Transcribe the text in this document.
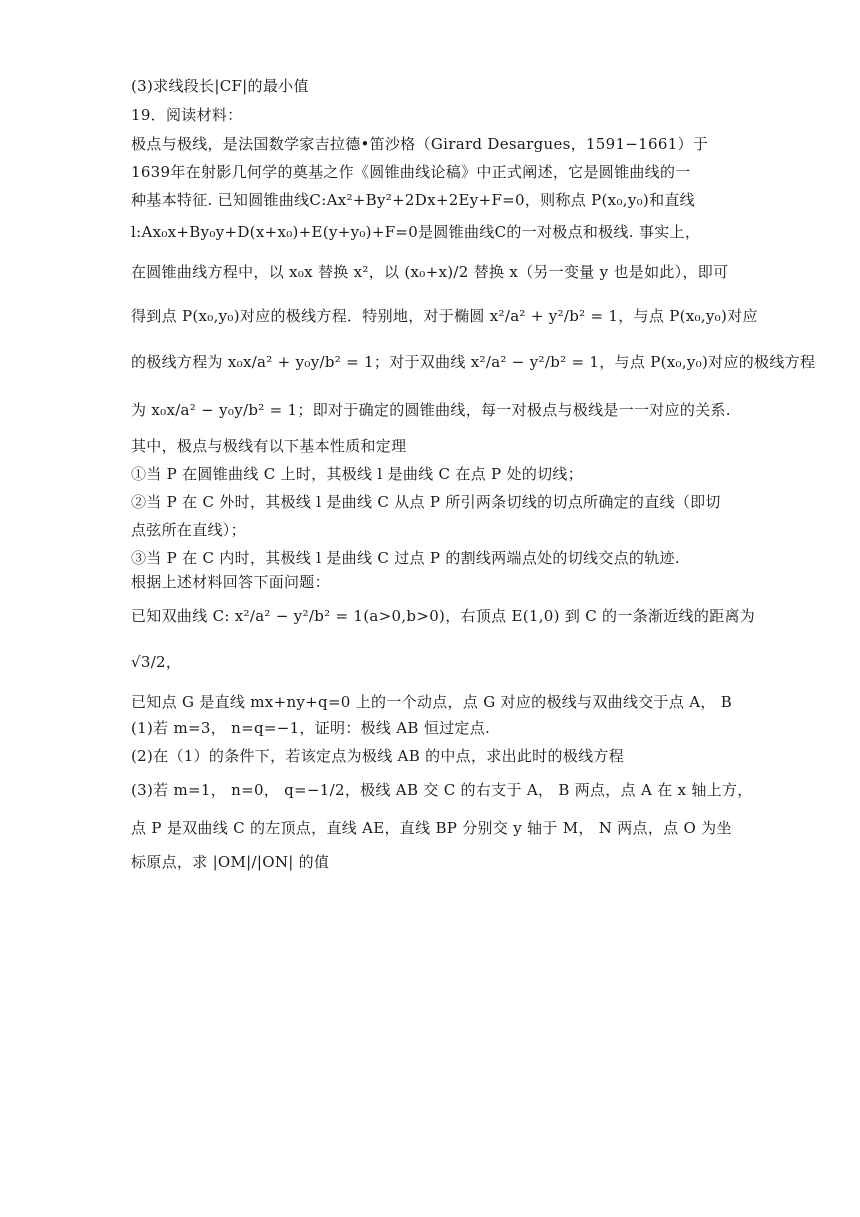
(3)求线段长|CF|的最小值
19．阅读材料：
极点与极线，是法国数学家吉拉德•笛沙格（Girard Desargues，1591−1661）于
1639年在射影几何学的奠基之作《圆锥曲线论稿》中正式阐述，它是圆锥曲线的一
种基本特征. 已知圆锥曲线C:Ax²+By²+2Dx+2Ey+F=0，则称点 P(x₀,y₀)和直线
l:Ax₀x+By₀y+D(x+x₀)+E(y+y₀)+F=0是圆锥曲线C的一对极点和极线. 事实上，
在圆锥曲线方程中，以 x₀x 替换 x²，以 (x₀+x)/2 替换 x（另一变量 y 也是如此），即可
得到点 P(x₀,y₀)对应的极线方程．特别地，对于椭圆 x²/a² + y²/b² = 1，与点 P(x₀,y₀)对应
的极线方程为 x₀x/a² + y₀y/b² = 1；对于双曲线 x²/a² − y²/b² = 1，与点 P(x₀,y₀)对应的极线方程
为 x₀x/a² − y₀y/b² = 1；即对于确定的圆锥曲线，每一对极点与极线是一一对应的关系.
其中，极点与极线有以下基本性质和定理
①当 P 在圆锥曲线 C 上时，其极线 l 是曲线 C 在点 P 处的切线；
②当 P 在 C 外时，其极线 l 是曲线 C 从点 P 所引两条切线的切点所确定的直线（即切
点弦所在直线）；
③当 P 在 C 内时，其极线 l 是曲线 C 过点 P 的割线两端点处的切线交点的轨迹.
根据上述材料回答下面问题：
已知双曲线 C: x²/a² − y²/b² = 1(a>0,b>0)，右顶点 E(1,0) 到 C 的一条渐近线的距离为
√3/2，
已知点 G 是直线 mx+ny+q=0 上的一个动点，点 G 对应的极线与双曲线交于点 A， B
(1)若 m=3， n=q=−1，证明：极线 AB 恒过定点.
(2)在（1）的条件下，若该定点为极线 AB 的中点，求出此时的极线方程
(3)若 m=1， n=0， q=−1/2，极线 AB 交 C 的右支于 A， B 两点，点 A 在 x 轴上方，
点 P 是双曲线 C 的左顶点，直线 AE，直线 BP 分别交 y 轴于 M， N 两点，点 O 为坐
标原点，求 |OM|/|ON| 的值
